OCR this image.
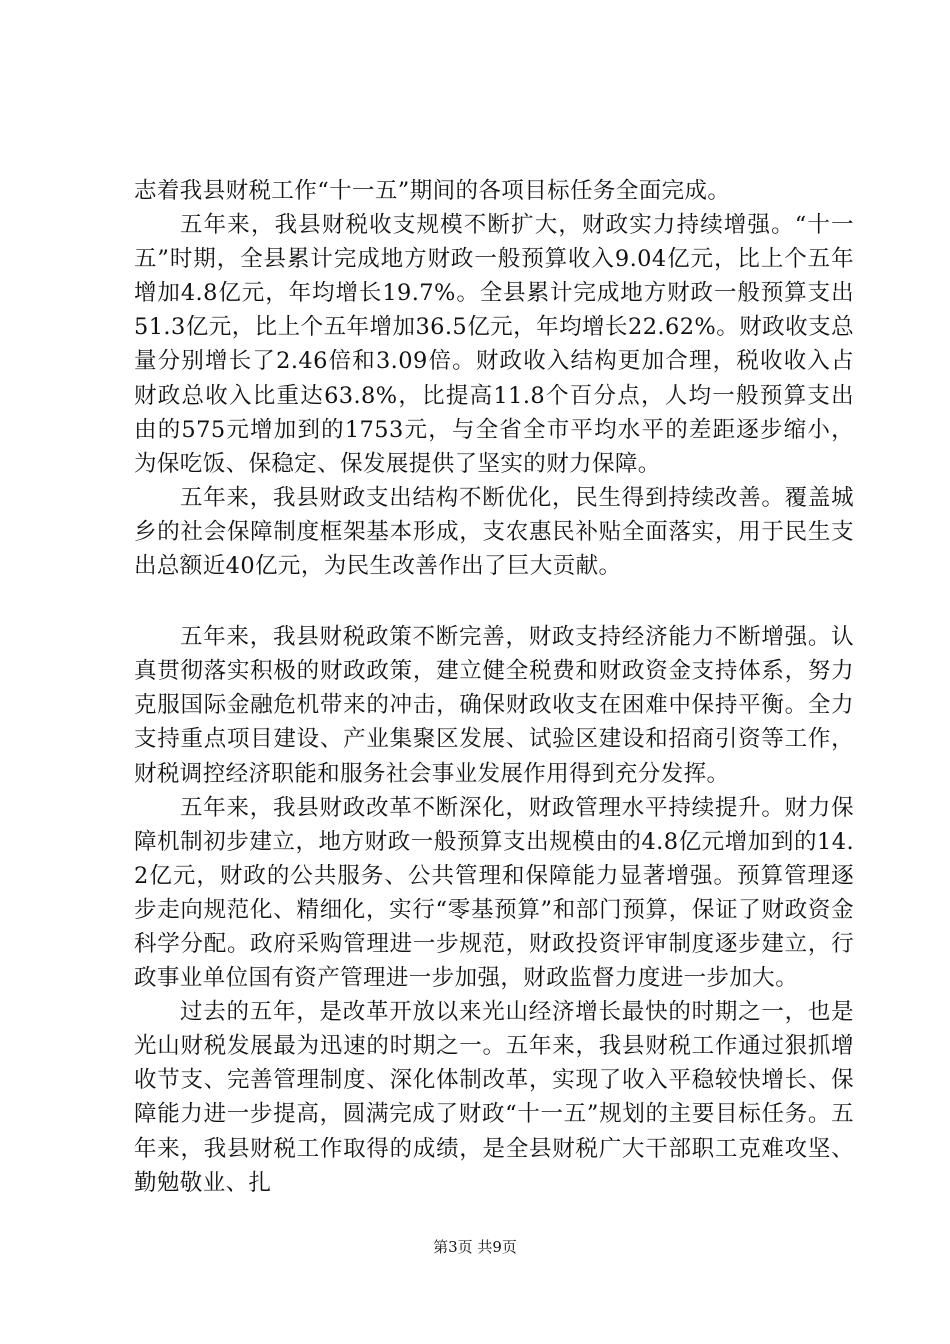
志着我县财税工作“十一五”期间的各项目标任务全面完成。

五年来，我县财税收支规模不断扩大，财政实力持续增强。“十一五”时期，全县累计完成地方财政一般预算收入9.04亿元，比上个五年增加4.8亿元，年均增长19.7%。全县累计完成地方财政一般预算支出51.3亿元，比上个五年增加36.5亿元，年均增长22.62%。财政收支总量分别增长了2.46倍和3.09倍。财政收入结构更加合理，税收收入占财政总收入比重达63.8%，比提高11.8个百分点，人均一般预算支出由的575元增加到的1753元，与全省全市平均水平的差距逐步缩小，为保吃饭、保稳定、保发展提供了坚实的财力保障。

五年来，我县财政支出结构不断优化，民生得到持续改善。覆盖城乡的社会保障制度框架基本形成，支农惠民补贴全面落实，用于民生支出总额近40亿元，为民生改善作出了巨大贡献。

五年来，我县财税政策不断完善，财政支持经济能力不断增强。认真贯彻落实积极的财政政策，建立健全税费和财政资金支持体系，努力克服国际金融危机带来的冲击，确保财政收支在困难中保持平衡。全力支持重点项目建设、产业集聚区发展、试验区建设和招商引资等工作，财税调控经济职能和服务社会事业发展作用得到充分发挥。

五年来，我县财政改革不断深化，财政管理水平持续提升。财力保障机制初步建立，地方财政一般预算支出规模由的4.8亿元增加到的14.2亿元，财政的公共服务、公共管理和保障能力显著增强。预算管理逐步走向规范化、精细化，实行“零基预算”和部门预算，保证了财政资金科学分配。政府采购管理进一步规范，财政投资评审制度逐步建立，行政事业单位国有资产管理进一步加强，财政监督力度进一步加大。

过去的五年，是改革开放以来光山经济增长最快的时期之一，也是光山财税发展最为迅速的时期之一。五年来，我县财税工作通过狠抓增收节支、完善管理制度、深化体制改革，实现了收入平稳较快增长、保障能力进一步提高，圆满完成了财政“十一五”规划的主要目标任务。五年来，我县财税工作取得的成绩，是全县财税广大干部职工克难攻坚、勤勉敬业、扎

第3页 共9页
